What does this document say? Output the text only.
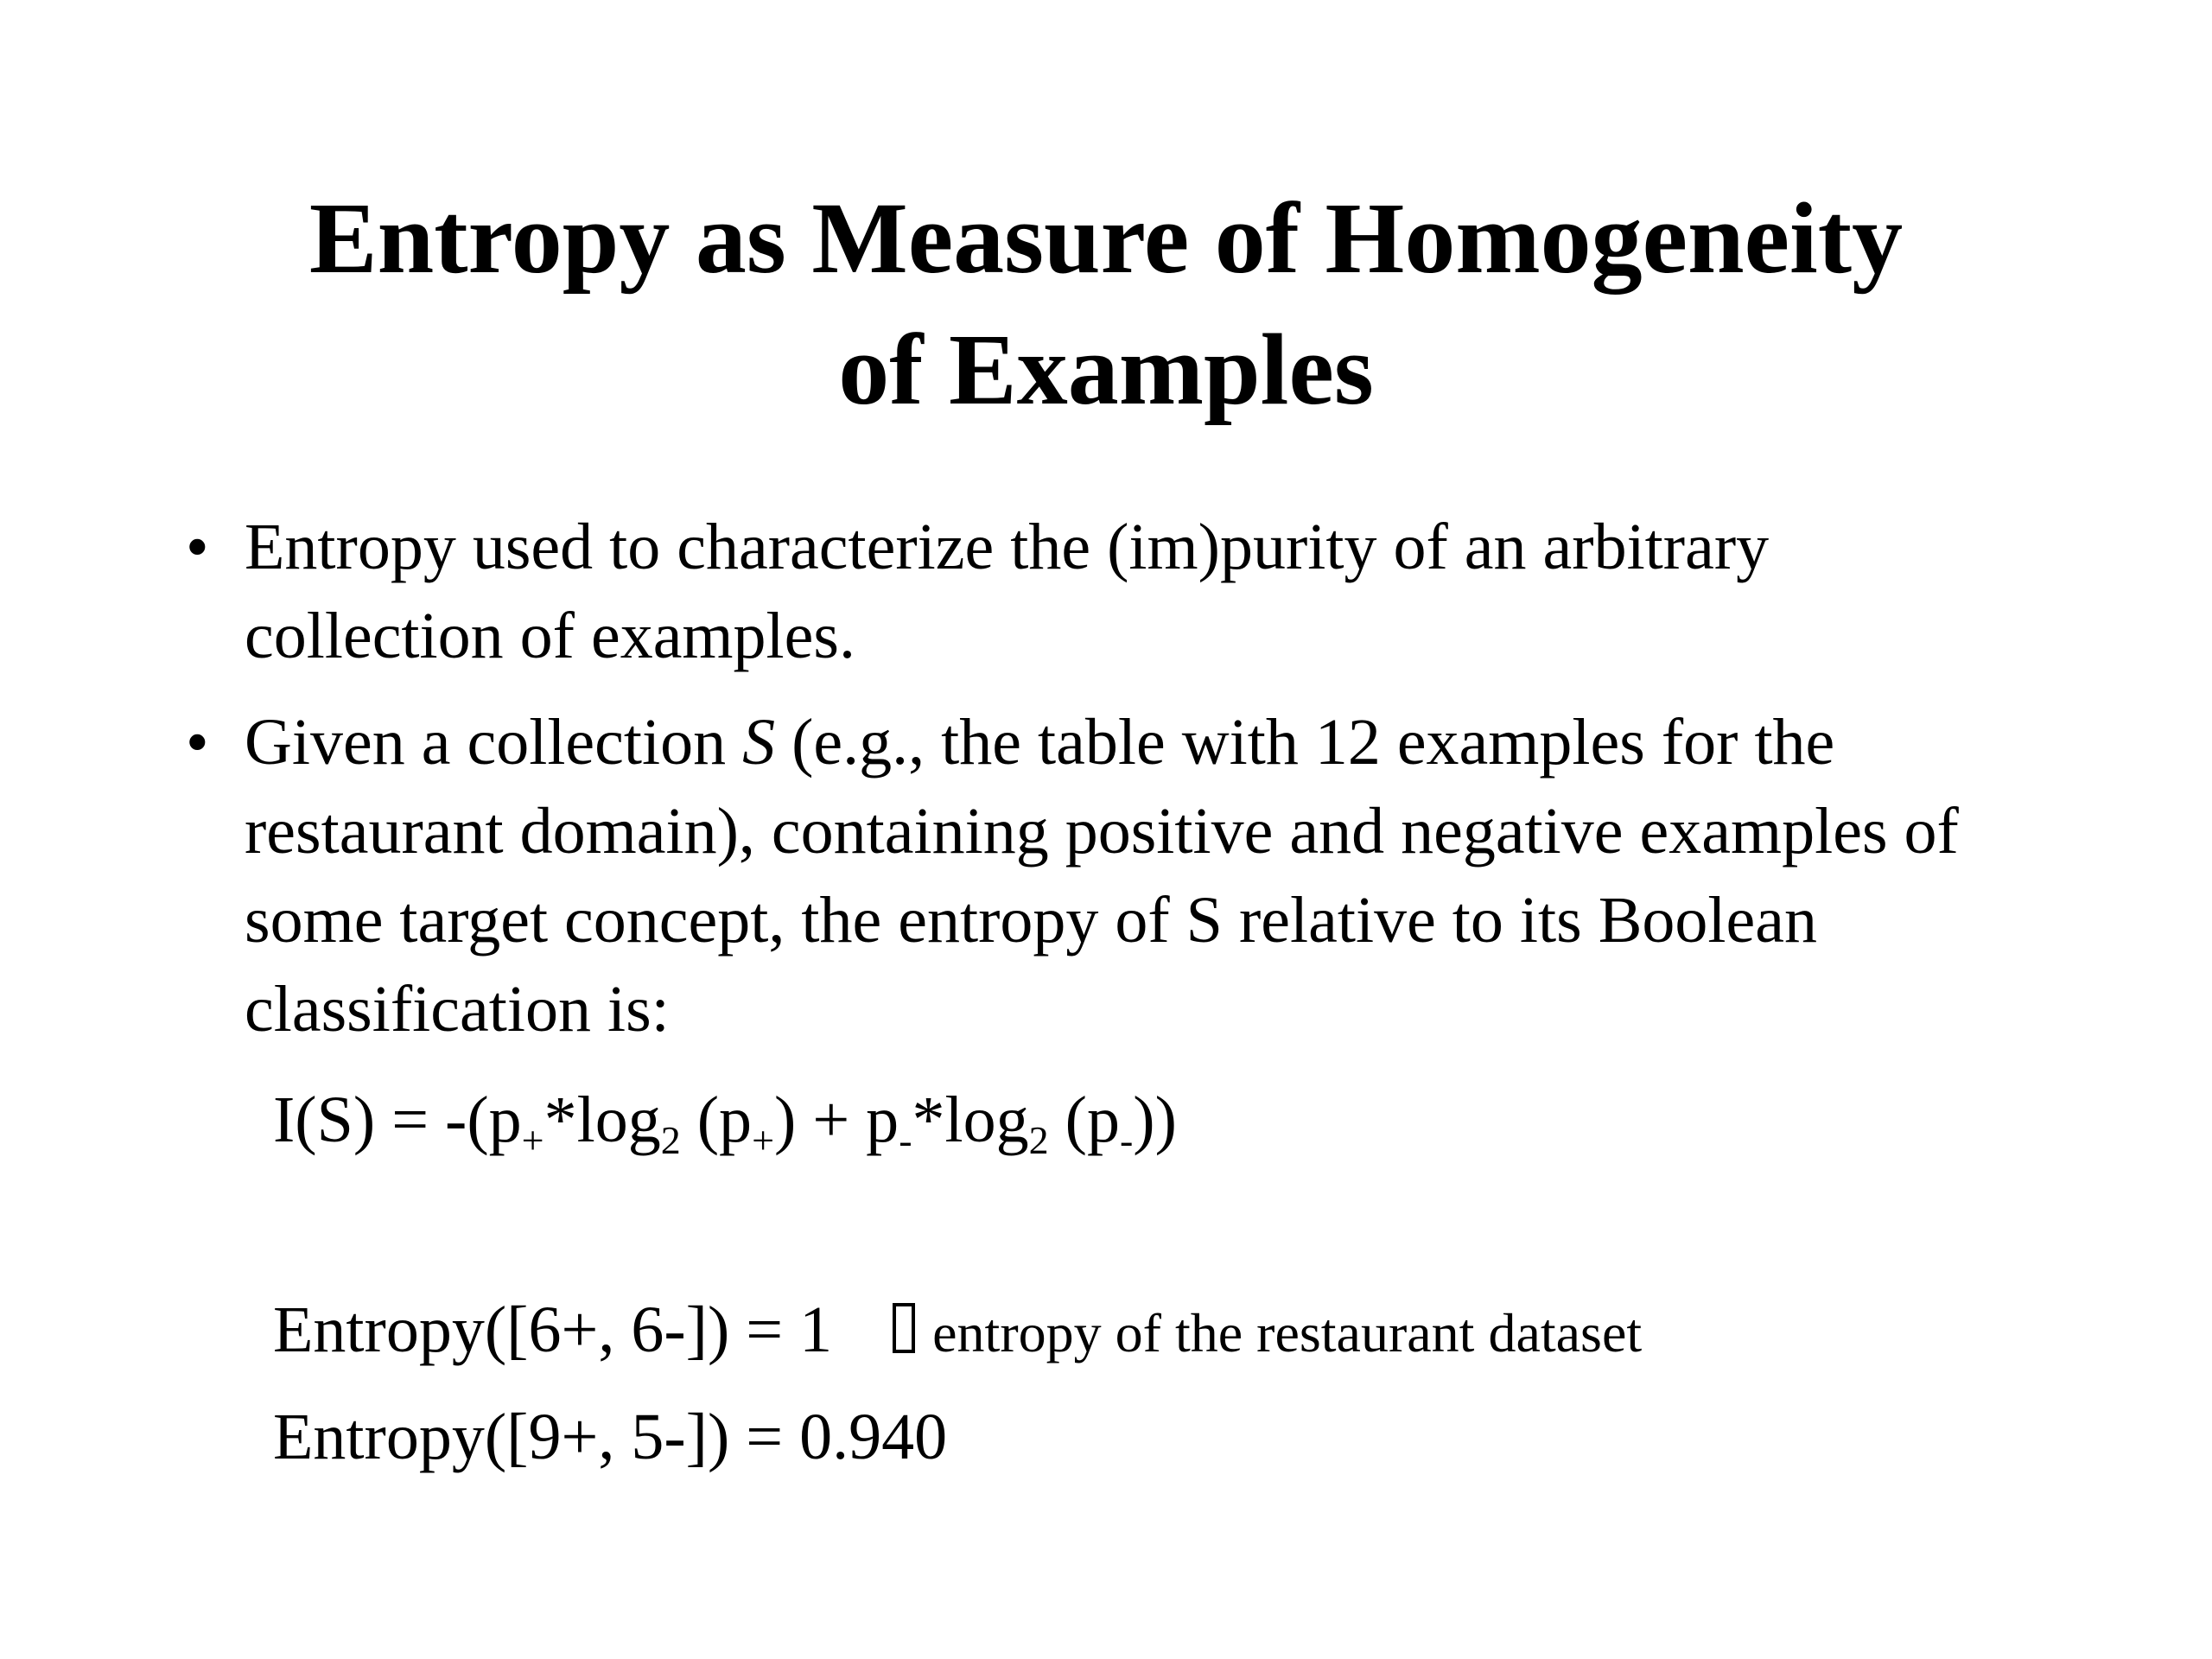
Entropy as Measure of Homogeneity
of Examples
• Entropy used to characterize the (im)purity of an arbitrary collection of examples.
• Given a collection S (e.g., the table with 12 examples for the restaurant domain), containing positive and negative examples of some target concept, the entropy of S relative to its Boolean classification is:
$I(S) = -(p_+*\log_2$ $(p_+) + p_-*\log_2$ $(p_-)$)
Entropy([6+, 6-]) = 1 entropy of the restaurant dataset
Entropy([9+, 5-]) = 0.940
